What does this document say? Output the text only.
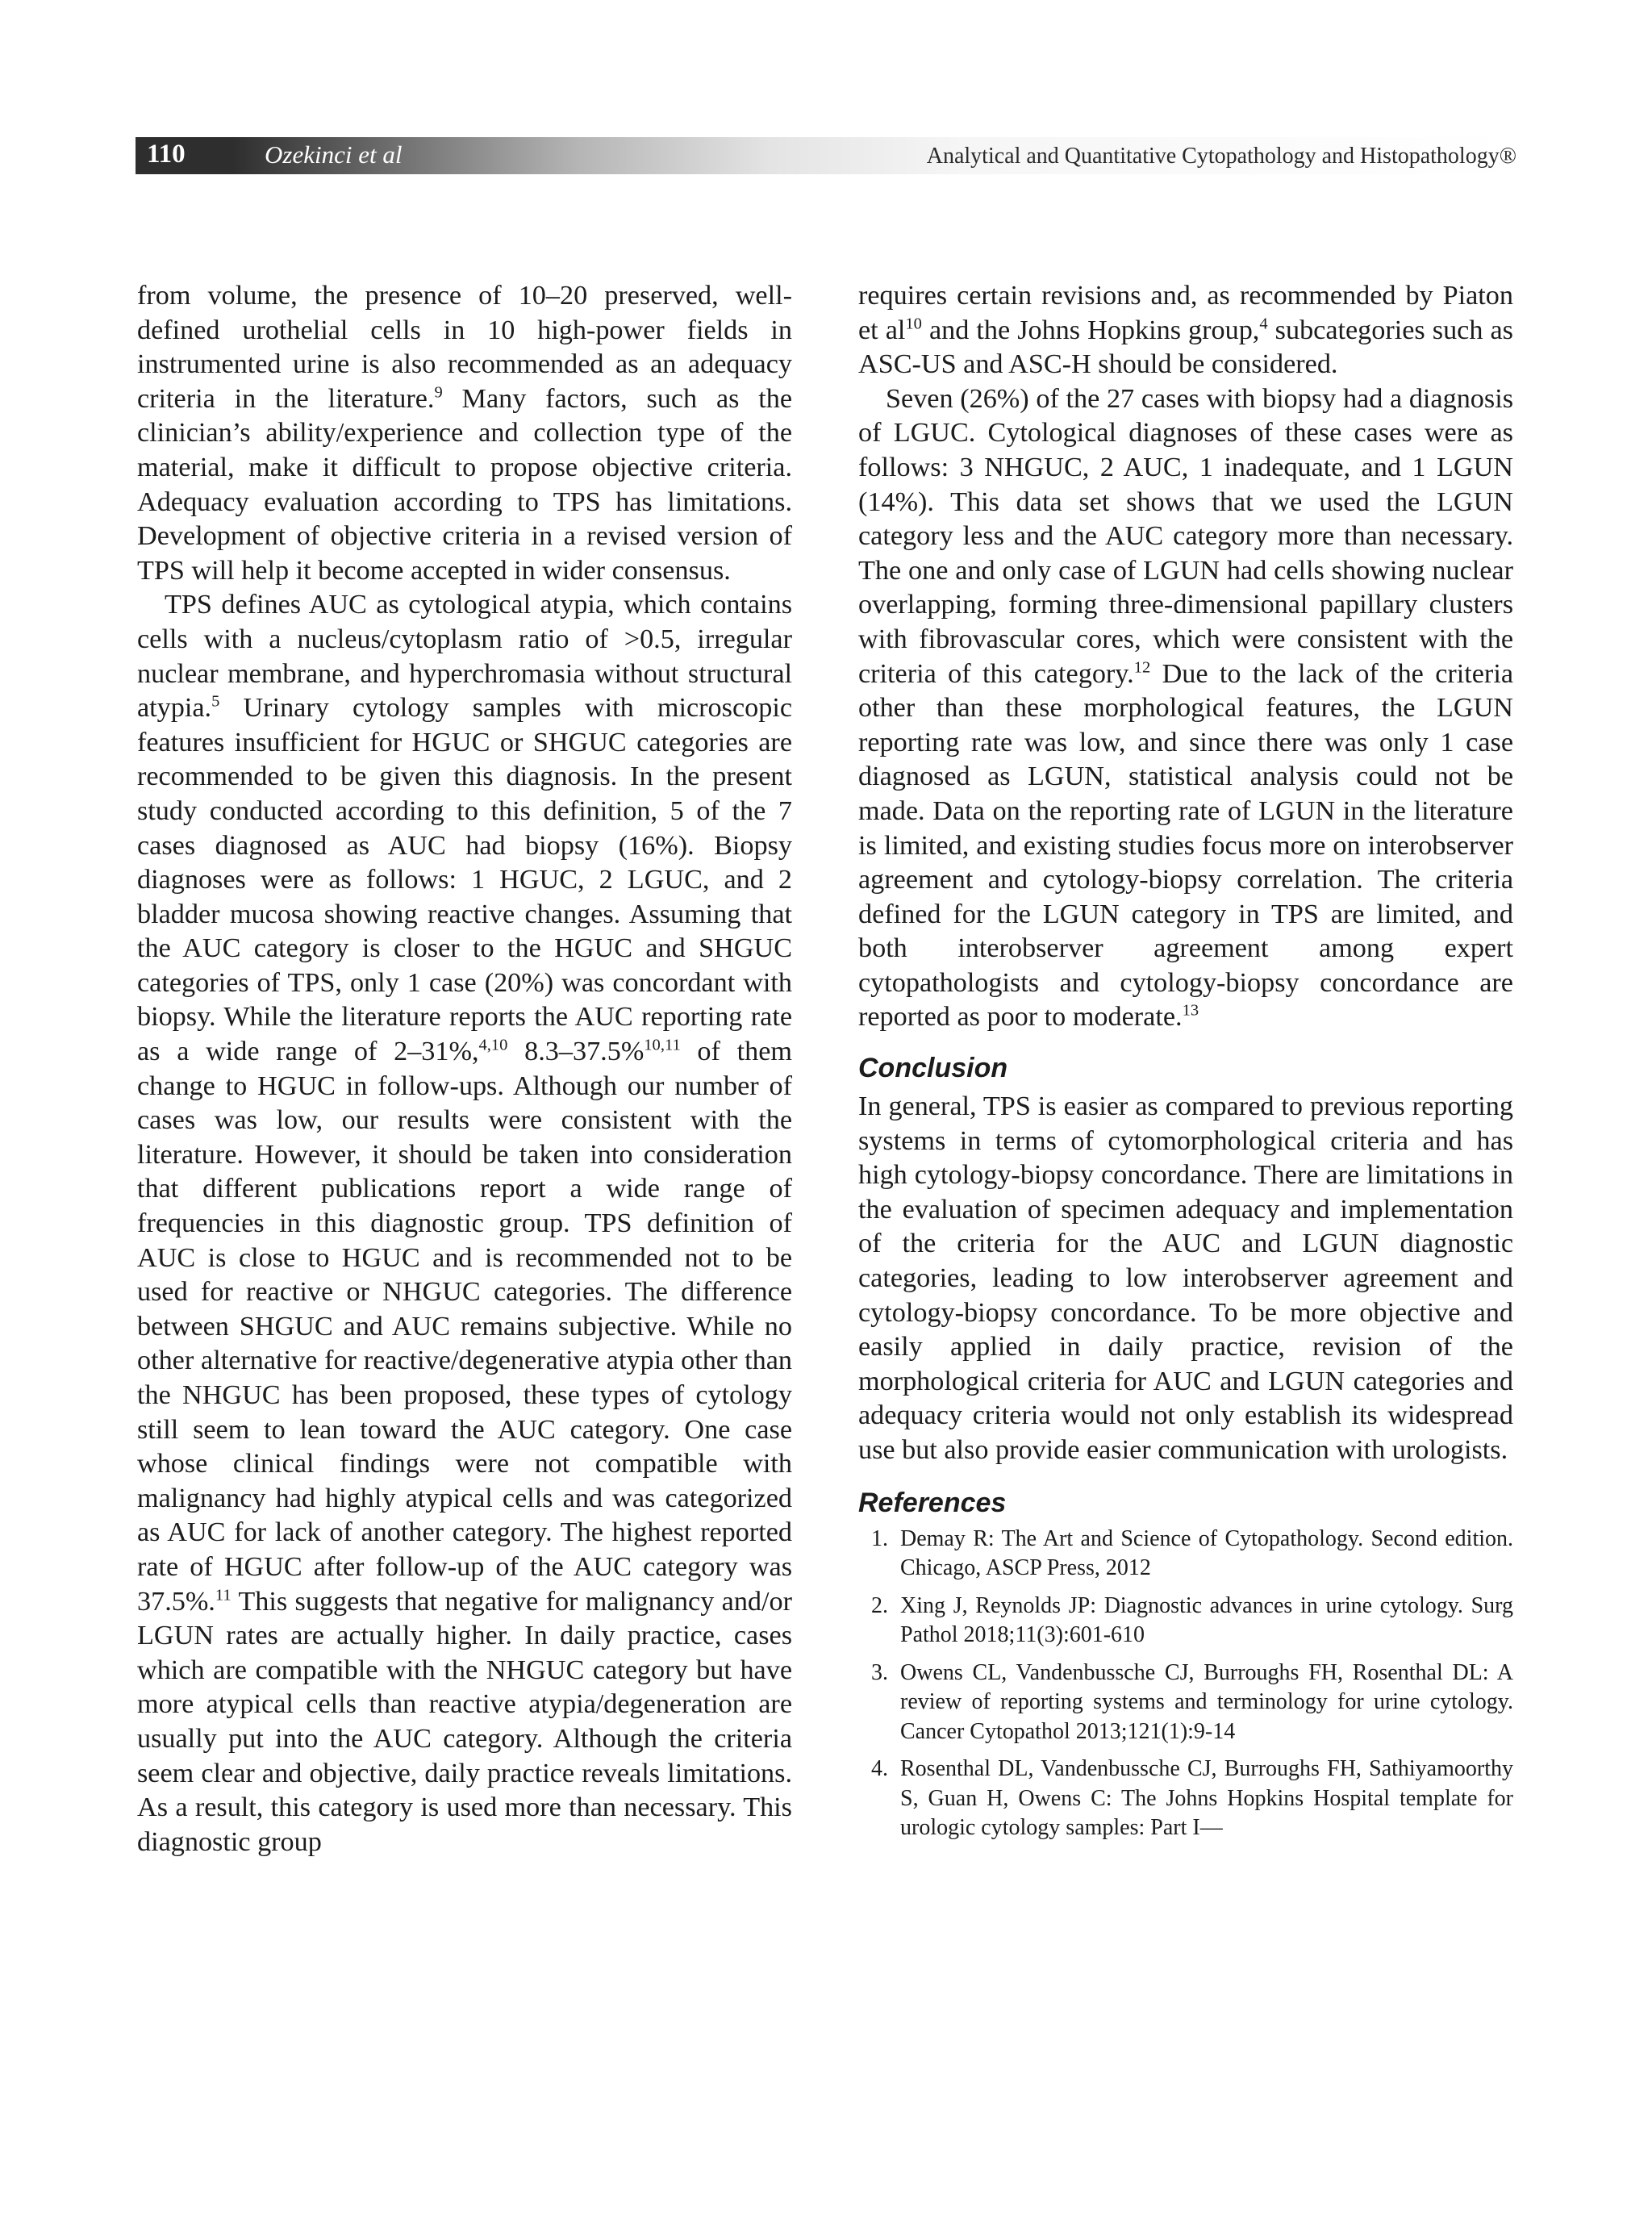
110	Ozekinci et al	Analytical and Quantitative Cytopathology and Histopathology®

from volume, the presence of 10–20 preserved, well-defined urothelial cells in 10 high-power fields in instrumented urine is also recommended as an adequacy criteria in the literature.$^9$ Many factors, such as the clinician’s ability/experience and collection type of the material, make it difficult to propose objective criteria. Adequacy evaluation according to TPS has limitations. Development of objective criteria in a revised version of TPS will help it become accepted in wider consensus.

TPS defines AUC as cytological atypia, which contains cells with a nucleus/cytoplasm ratio of >0.5, irregular nuclear membrane, and hyperchromasia without structural atypia.$^5$ Urinary cytology samples with microscopic features insufficient for HGUC or SHGUC categories are recommended to be given this diagnosis. In the present study conducted according to this definition, 5 of the 7 cases diagnosed as AUC had biopsy (16%). Biopsy diagnoses were as follows: 1 HGUC, 2 LGUC, and 2 bladder mucosa showing reactive changes. Assuming that the AUC category is closer to the HGUC and SHGUC categories of TPS, only 1 case (20%) was concordant with biopsy. While the literature reports the AUC reporting rate as a wide range of 2–31%,$^{4,10}$ 8.3–37.5%$^{10,11}$ of them change to HGUC in follow-ups. Although our number of cases was low, our results were consistent with the literature. However, it should be taken into consideration that different publications report a wide range of frequencies in this diagnostic group. TPS definition of AUC is close to HGUC and is recommended not to be used for reactive or NHGUC categories. The difference between SHGUC and AUC remains subjective. While no other alternative for reactive/degenerative atypia other than the NHGUC has been proposed, these types of cytology still seem to lean toward the AUC category. One case whose clinical findings were not compatible with malignancy had highly atypical cells and was categorized as AUC for lack of another category. The highest reported rate of HGUC after follow-up of the AUC category was 37.5%.$^{11}$ This suggests that negative for malignancy and/or LGUN rates are actually higher. In daily practice, cases which are compatible with the NHGUC category but have more atypical cells than reactive atypia/degeneration are usually put into the AUC category. Although the criteria seem clear and objective, daily practice reveals limitations. As a result, this category is used more than necessary. This diagnostic group

requires certain revisions and, as recommended by Piaton et $al^{10}$ and the Johns Hopkins group,$^4$ subcategories such as ASC-US and ASC-H should be considered.

Seven (26%) of the 27 cases with biopsy had a diagnosis of LGUC. Cytological diagnoses of these cases were as follows: 3 NHGUC, 2 AUC, 1 inadequate, and 1 LGUN (14%). This data set shows that we used the LGUN category less and the AUC category more than necessary. The one and only case of LGUN had cells showing nuclear overlapping, forming three-dimensional papillary clusters with fibrovascular cores, which were consistent with the criteria of this category.$^{12}$ Due to the lack of the criteria other than these morphological features, the LGUN reporting rate was low, and since there was only 1 case diagnosed as LGUN, statistical analysis could not be made. Data on the reporting rate of LGUN in the literature is limited, and existing studies focus more on interobserver agreement and cytology-biopsy correlation. The criteria defined for the LGUN category in TPS are limited, and both interobserver agreement among expert cytopathologists and cytology-biopsy concordance are reported as poor to moderate.$^{13}$

Conclusion

In general, TPS is easier as compared to previous reporting systems in terms of cytomorphological criteria and has high cytology-biopsy concordance. There are limitations in the evaluation of specimen adequacy and implementation of the criteria for the AUC and LGUN diagnostic categories, leading to low interobserver agreement and cytology-biopsy concordance. To be more objective and easily applied in daily practice, revision of the morphological criteria for AUC and LGUN categories and adequacy criteria would not only establish its widespread use but also provide easier communication with urologists.

References
1. Demay R: The Art and Science of Cytopathology. Second edition. Chicago, ASCP Press, 2012
2. Xing J, Reynolds JP: Diagnostic advances in urine cytology. Surg Pathol 2018;11(3):601-610
3. Owens CL, Vandenbussche CJ, Burroughs FH, Rosenthal DL: A review of reporting systems and terminology for urine cytology. Cancer Cytopathol 2013;121(1):9-14
4. Rosenthal DL, Vandenbussche CJ, Burroughs FH, Sathiyamoorthy S, Guan H, Owens C: The Johns Hopkins Hospital template for urologic cytology samples: Part I—
